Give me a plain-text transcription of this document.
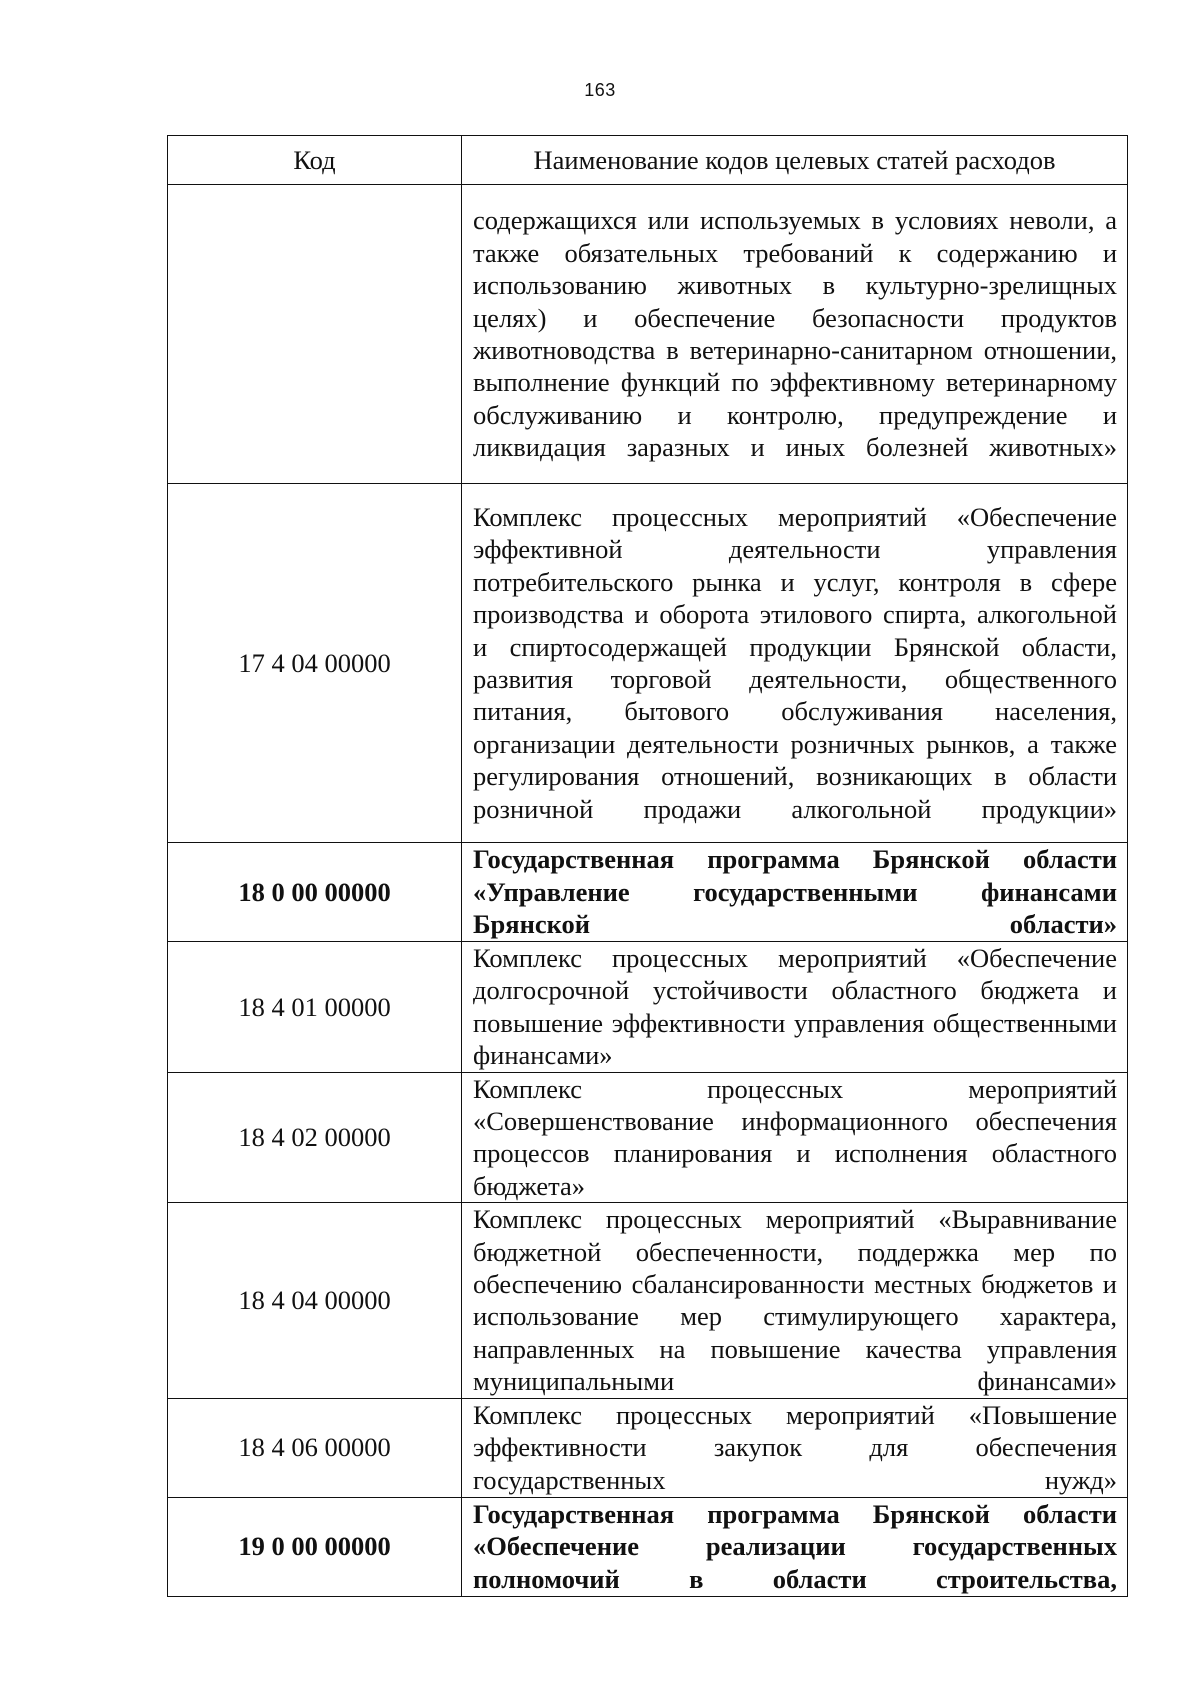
163
Код	Наименование кодов целевых статей расходов
	содержащихся или используемых в условиях неволи, а также обязательных требований к содержанию и использованию животных в культурно-зрелищных целях) и обеспечение безопасности продуктов животноводства в ветеринарно-санитарном отношении, выполнение функций по эффективному ветеринарному обслуживанию и контролю, предупреждение и ликвидация заразных и иных болезней животных»
17 4 04 00000	Комплекс процессных мероприятий «Обеспечение эффективной деятельности управления потребительского рынка и услуг, контроля в сфере производства и оборота этилового спирта, алкогольной и спиртосодержащей продукции Брянской области, развития торговой деятельности, общественного питания, бытового обслуживания населения, организации деятельности розничных рынков, а также регулирования отношений, возникающих в области розничной продажи алкогольной продукции»
18 0 00 00000	Государственная программа Брянской области «Управление государственными финансами Брянской области»
18 4 01 00000	Комплекс процессных мероприятий «Обеспечение долгосрочной устойчивости областного бюджета и повышение эффективности управления общественными финансами»
18 4 02 00000	Комплекс процессных мероприятий «Совершенствование информационного обеспечения процессов планирования и исполнения областного бюджета»
18 4 04 00000	Комплекс процессных мероприятий «Выравнивание бюджетной обеспеченности, поддержка мер по обеспечению сбалансированности местных бюджетов и использование мер стимулирующего характера, направленных на повышение качества управления муниципальными финансами»
18 4 06 00000	Комплекс процессных мероприятий «Повышение эффективности закупок для обеспечения государственных нужд»
19 0 00 00000	Государственная программа Брянской области «Обеспечение реализации государственных полномочий в области строительства,
